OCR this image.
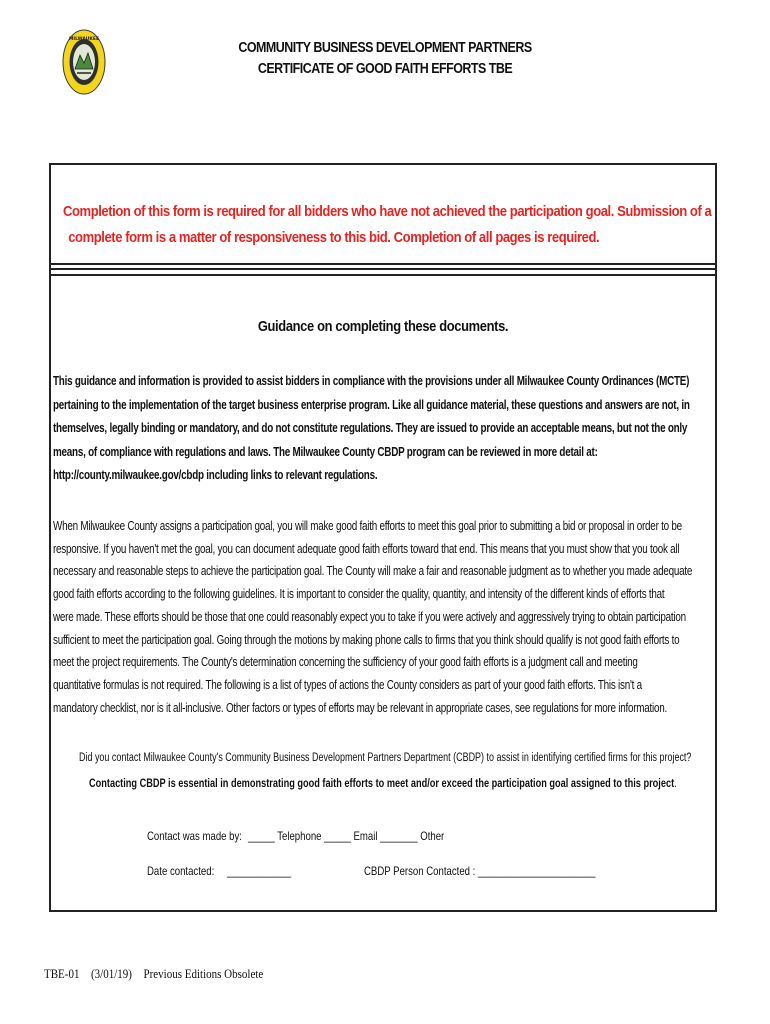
MILWAUKEE
COMMUNITY BUSINESS DEVELOPMENT PARTNERS
CERTIFICATE OF GOOD FAITH EFFORTS TBE
Completion of this form is required for all bidders who have not achieved the participation goal. Submission of a
complete form is a matter of responsiveness to this bid. Completion of all pages is required.
Guidance on completing these documents.
This guidance and information is provided to assist bidders in compliance with the provisions under all Milwaukee County Ordinances (MCTE)
pertaining to the implementation of the target business enterprise program. Like all guidance material, these questions and answers are not, in
themselves, legally binding or mandatory, and do not constitute regulations. They are issued to provide an acceptable means, but not the only
means, of compliance with regulations and laws. The Milwaukee County CBDP program can be reviewed in more detail at:
http://county.milwaukee.gov/cbdp including links to relevant regulations.
When Milwaukee County assigns a participation goal, you will make good faith efforts to meet this goal prior to submitting a bid or proposal in order to be
responsive. If you haven't met the goal, you can document adequate good faith efforts toward that end. This means that you must show that you took all
necessary and reasonable steps to achieve the participation goal. The County will make a fair and reasonable judgment as to whether you made adequate
good faith efforts according to the following guidelines. It is important to consider the quality, quantity, and intensity of the different kinds of efforts that
were made. These efforts should be those that one could reasonably expect you to take if you were actively and aggressively trying to obtain participation
sufficient to meet the participation goal. Going through the motions by making phone calls to firms that you think should qualify is not good faith efforts to
meet the project requirements. The County's determination concerning the sufficiency of your good faith efforts is a judgment call and meeting
quantitative formulas is not required. The following is a list of types of actions the County considers as part of your good faith efforts. This isn't a
mandatory checklist, nor is it all-inclusive. Other factors or types of efforts may be relevant in appropriate cases, see regulations for more information.
Did you contact Milwaukee County's Community Business Development Partners Department (CBDP) to assist in identifying certified firms for this project?
Contacting CBDP is essential in demonstrating good faith efforts to meet and/or exceed the participation goal assigned to this project.
Contact was made by: _____ Telephone _____ Email _______ Other
Date contacted: ____________	CBDP Person Contacted : ______________________
TBE-01 (3/01/19) Previous Editions Obsolete
